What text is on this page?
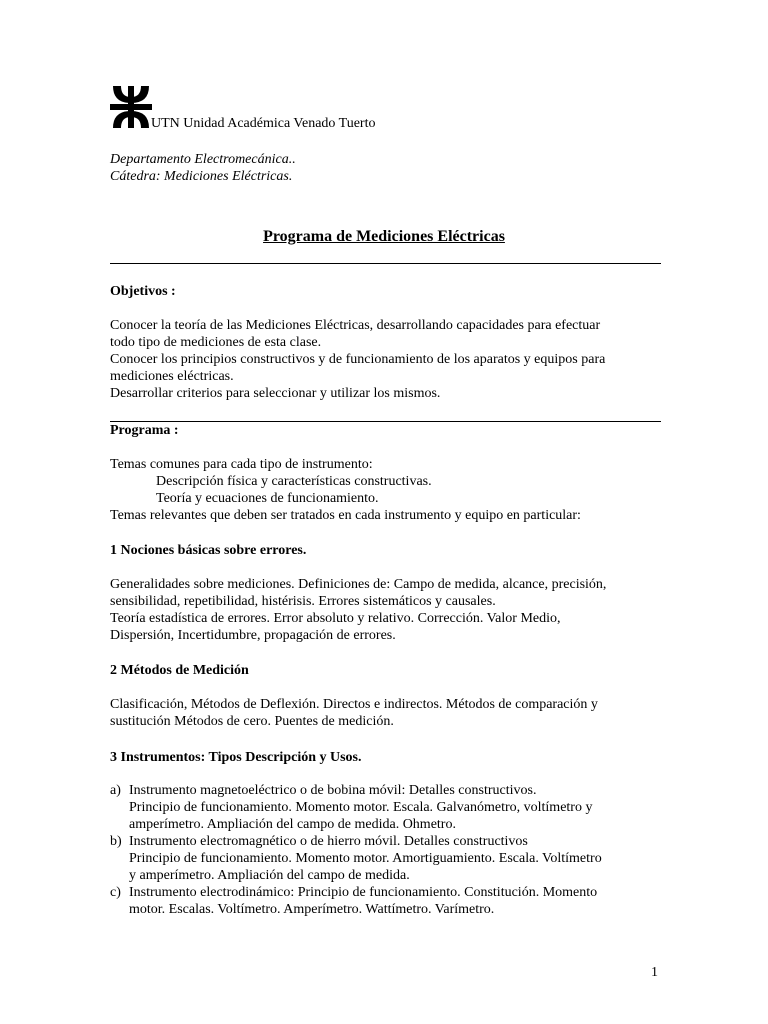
UTN Unidad Académica Venado Tuerto
Departamento Electromecánica..
Cátedra: Mediciones Eléctricas.
Programa de Mediciones Eléctricas
Objetivos :
Conocer la teoría de las Mediciones Eléctricas, desarrollando capacidades para efectuar
todo tipo de mediciones de esta clase.
Conocer los principios constructivos y de funcionamiento de los aparatos y equipos para
mediciones eléctricas.
Desarrollar criterios para seleccionar y utilizar los mismos.
Programa :
Temas comunes para cada tipo de instrumento:
Descripción física y características constructivas.
Teoría y ecuaciones de funcionamiento.
Temas relevantes que deben ser tratados en cada instrumento y equipo en particular:
1 Nociones básicas sobre errores.
Generalidades sobre mediciones. Definiciones de: Campo de medida, alcance, precisión,
sensibilidad, repetibilidad, histérisis. Errores sistemáticos y causales.
Teoría estadística de errores. Error absoluto y relativo. Corrección. Valor Medio,
Dispersión, Incertidumbre, propagación de errores.
2 Métodos de Medición
Clasificación, Métodos de Deflexión. Directos e indirectos. Métodos de comparación y
sustitución Métodos de cero. Puentes de medición.
3 Instrumentos: Tipos Descripción y Usos.
a) Instrumento magnetoeléctrico o de bobina móvil: Detalles constructivos.
Principio de funcionamiento. Momento motor. Escala. Galvanómetro, voltímetro y
amperímetro. Ampliación del campo de medida. Ohmetro.
b) Instrumento electromagnético o de hierro móvil. Detalles constructivos
Principio de funcionamiento. Momento motor. Amortiguamiento. Escala. Voltímetro
y amperímetro. Ampliación del campo de medida.
c) Instrumento electrodinámico: Principio de funcionamiento. Constitución. Momento
motor. Escalas. Voltímetro. Amperímetro. Wattímetro. Varímetro.
1
